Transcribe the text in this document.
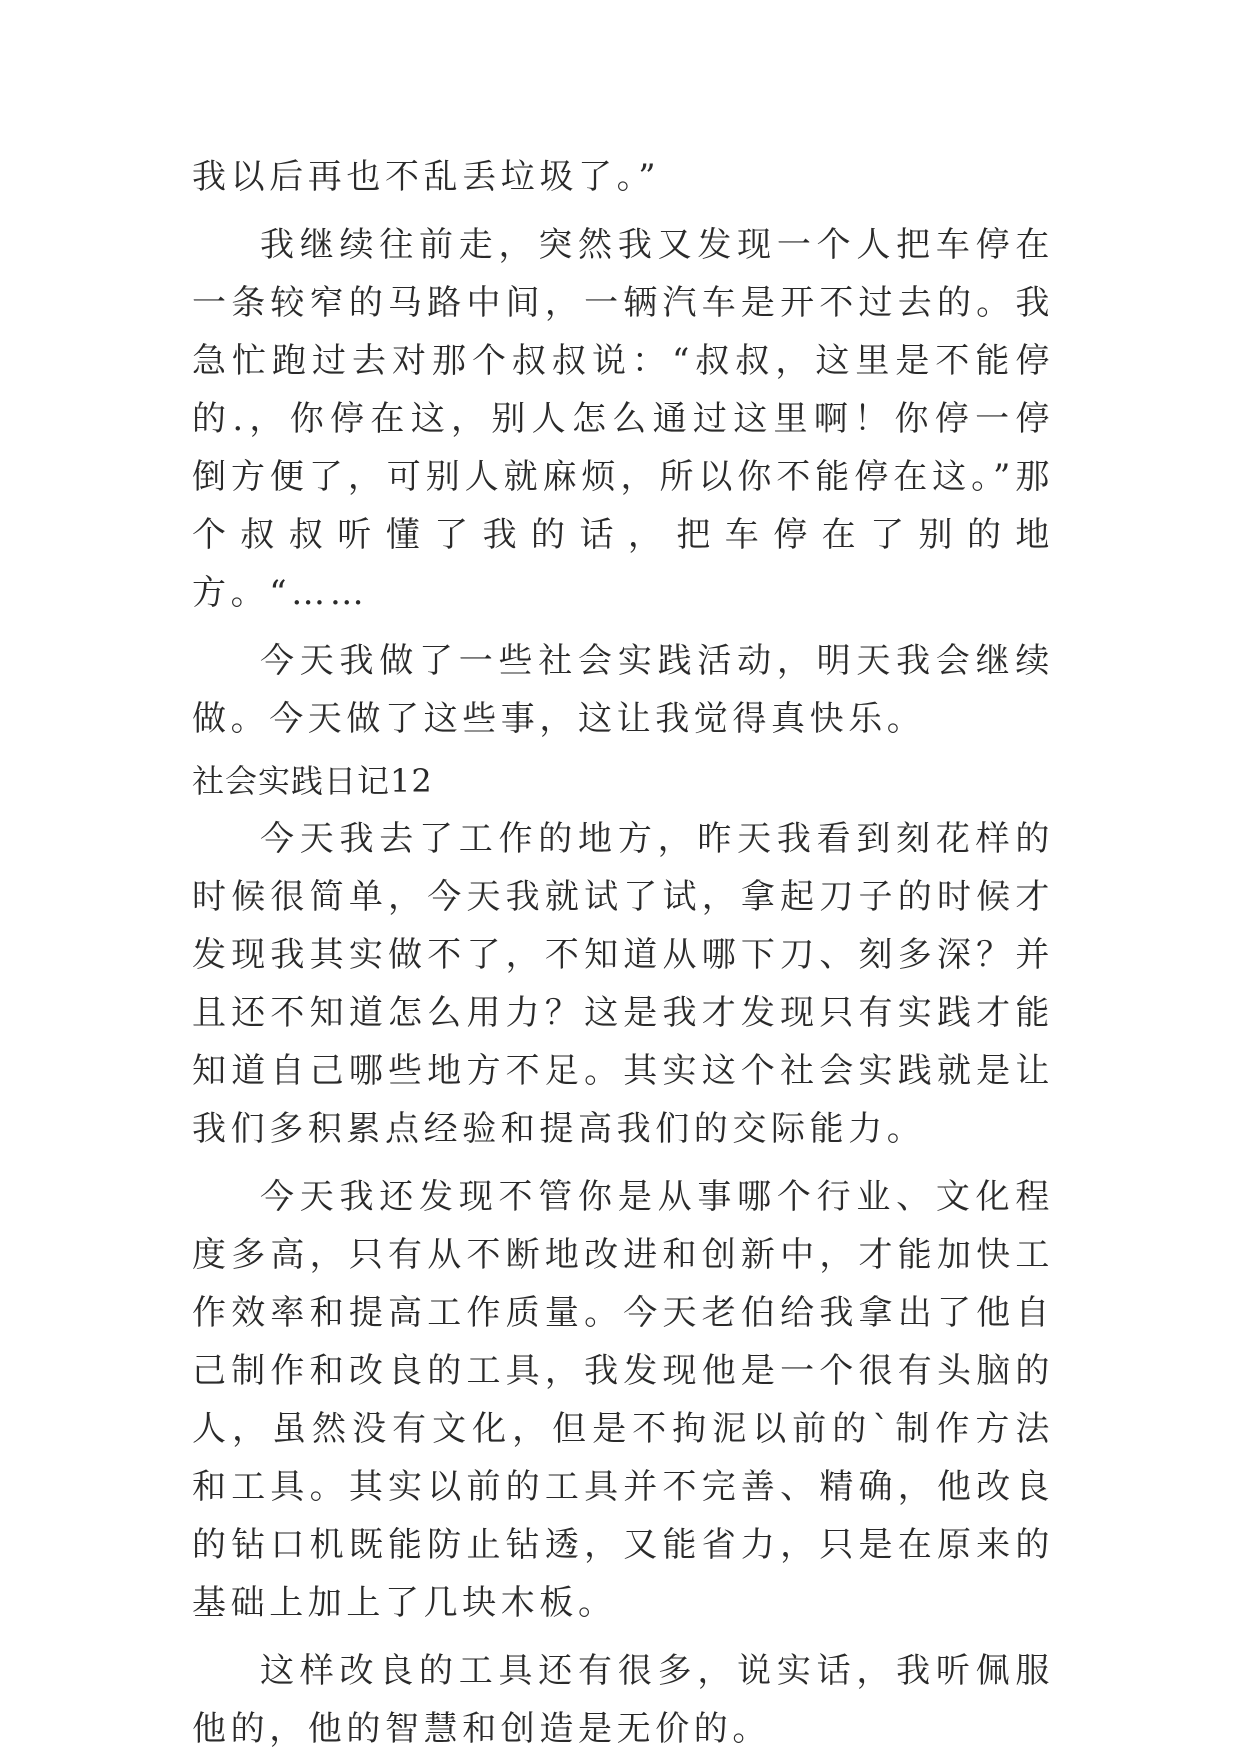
我以后再也不乱丢垃圾了。”

我继续往前走，突然我又发现一个人把车停在一条较窄的马路中间，一辆汽车是开不过去的。我急忙跑过去对那个叔叔说：“叔叔，这里是不能停的.，你停在这，别人怎么通过这里啊！你停一停倒方便了，可别人就麻烦，所以你不能停在这。”那个叔叔听懂了我的话，把车停在了别的地方。“……

今天我做了一些社会实践活动，明天我会继续做。今天做了这些事，这让我觉得真快乐。

社会实践日记12

今天我去了工作的地方，昨天我看到刻花样的时候很简单，今天我就试了试，拿起刀子的时候才发现我其实做不了，不知道从哪下刀、刻多深？并且还不知道怎么用力？这是我才发现只有实践才能知道自己哪些地方不足。其实这个社会实践就是让我们多积累点经验和提高我们的交际能力。

今天我还发现不管你是从事哪个行业、文化程度多高，只有从不断地改进和创新中，才能加快工作效率和提高工作质量。今天老伯给我拿出了他自己制作和改良的工具，我发现他是一个很有头脑的人，虽然没有文化，但是不拘泥以前的`制作方法和工具。其实以前的工具并不完善、精确，他改良的钻口机既能防止钻透，又能省力，只是在原来的基础上加上了几块木板。

这样改良的工具还有很多，说实话，我听佩服他的，他的智慧和创造是无价的。
